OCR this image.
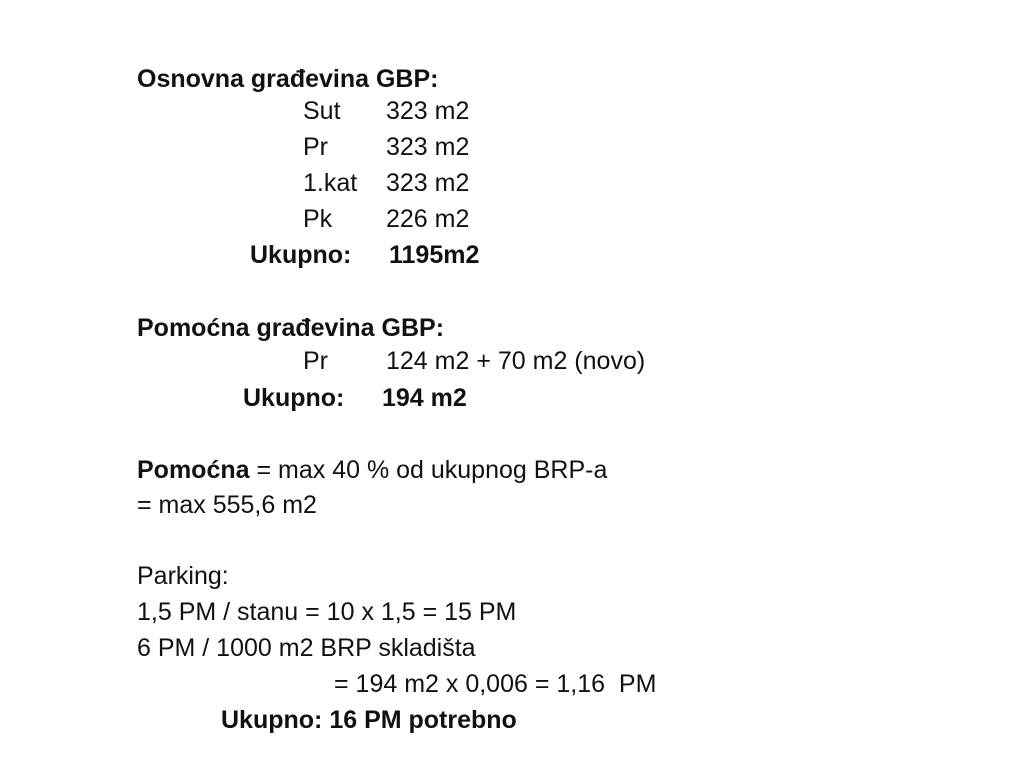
Osnovna građevina GBP:
Sut 323 m2
Pr 323 m2
1.kat 323 m2
Pk 226 m2
Ukupno: 1195m2
Pomoćna građevina GBP:
Pr 124 m2 + 70 m2 (novo)
Ukupno: 194 m2
Pomoćna = max 40 % od ukupnog BRP-a
= max 555,6 m2
Parking:
1,5 PM / stanu = 10 x 1,5 = 15 PM
6 PM / 1000 m2 BRP skladišta
= 194 m2 x 0,006 = 1,16  PM
Ukupno: 16 PM potrebno
